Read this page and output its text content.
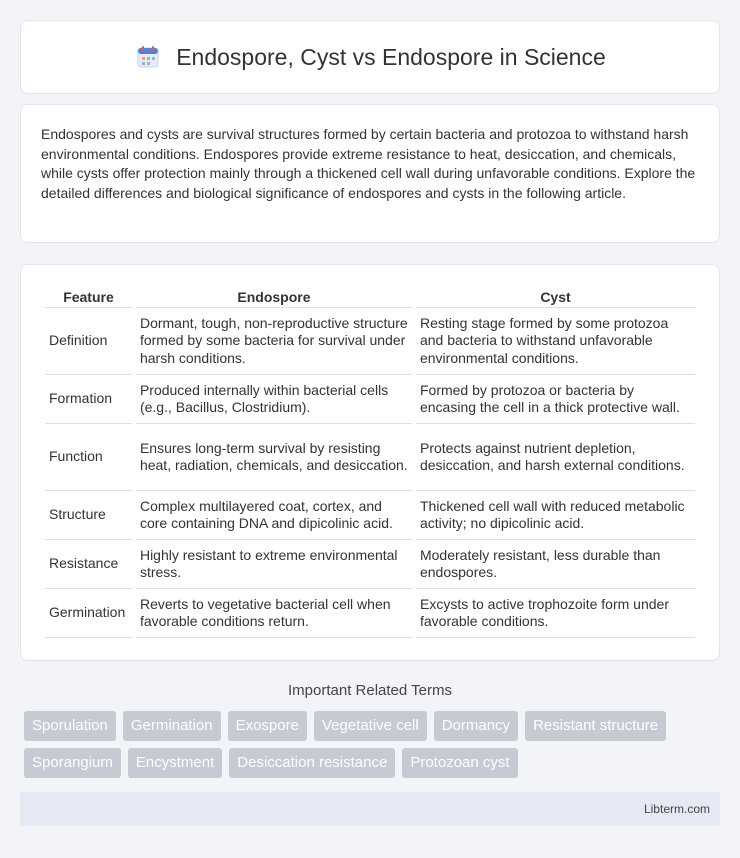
Endospore, Cyst vs Endospore in Science

Endospores and cysts are survival structures formed by certain bacteria and protozoa to withstand harsh environmental conditions. Endospores provide extreme resistance to heat, desiccation, and chemicals, while cysts offer protection mainly through a thickened cell wall during unfavorable conditions. Explore the detailed differences and biological significance of endospores and cysts in the following article.

Feature	Endospore	Cyst
Definition	Dormant, tough, non-reproductive structure formed by some bacteria for survival under harsh conditions.	Resting stage formed by some protozoa and bacteria to withstand unfavorable environmental conditions.
Formation	Produced internally within bacterial cells (e.g., Bacillus, Clostridium).	Formed by protozoa or bacteria by encasing the cell in a thick protective wall.
Function	Ensures long-term survival by resisting heat, radiation, chemicals, and desiccation.	Protects against nutrient depletion, desiccation, and harsh external conditions.
Structure	Complex multilayered coat, cortex, and core containing DNA and dipicolinic acid.	Thickened cell wall with reduced metabolic activity; no dipicolinic acid.
Resistance	Highly resistant to extreme environmental stress.	Moderately resistant, less durable than endospores.
Germination	Reverts to vegetative bacterial cell when favorable conditions return.	Excysts to active trophozoite form under favorable conditions.
Important Related Terms
Sporulation	Germination	Exospore	Vegetative cell	Dormancy	Resistant structure
Sporangium	Encystment	Desiccation resistance	Protozoan cyst
Libterm.com
